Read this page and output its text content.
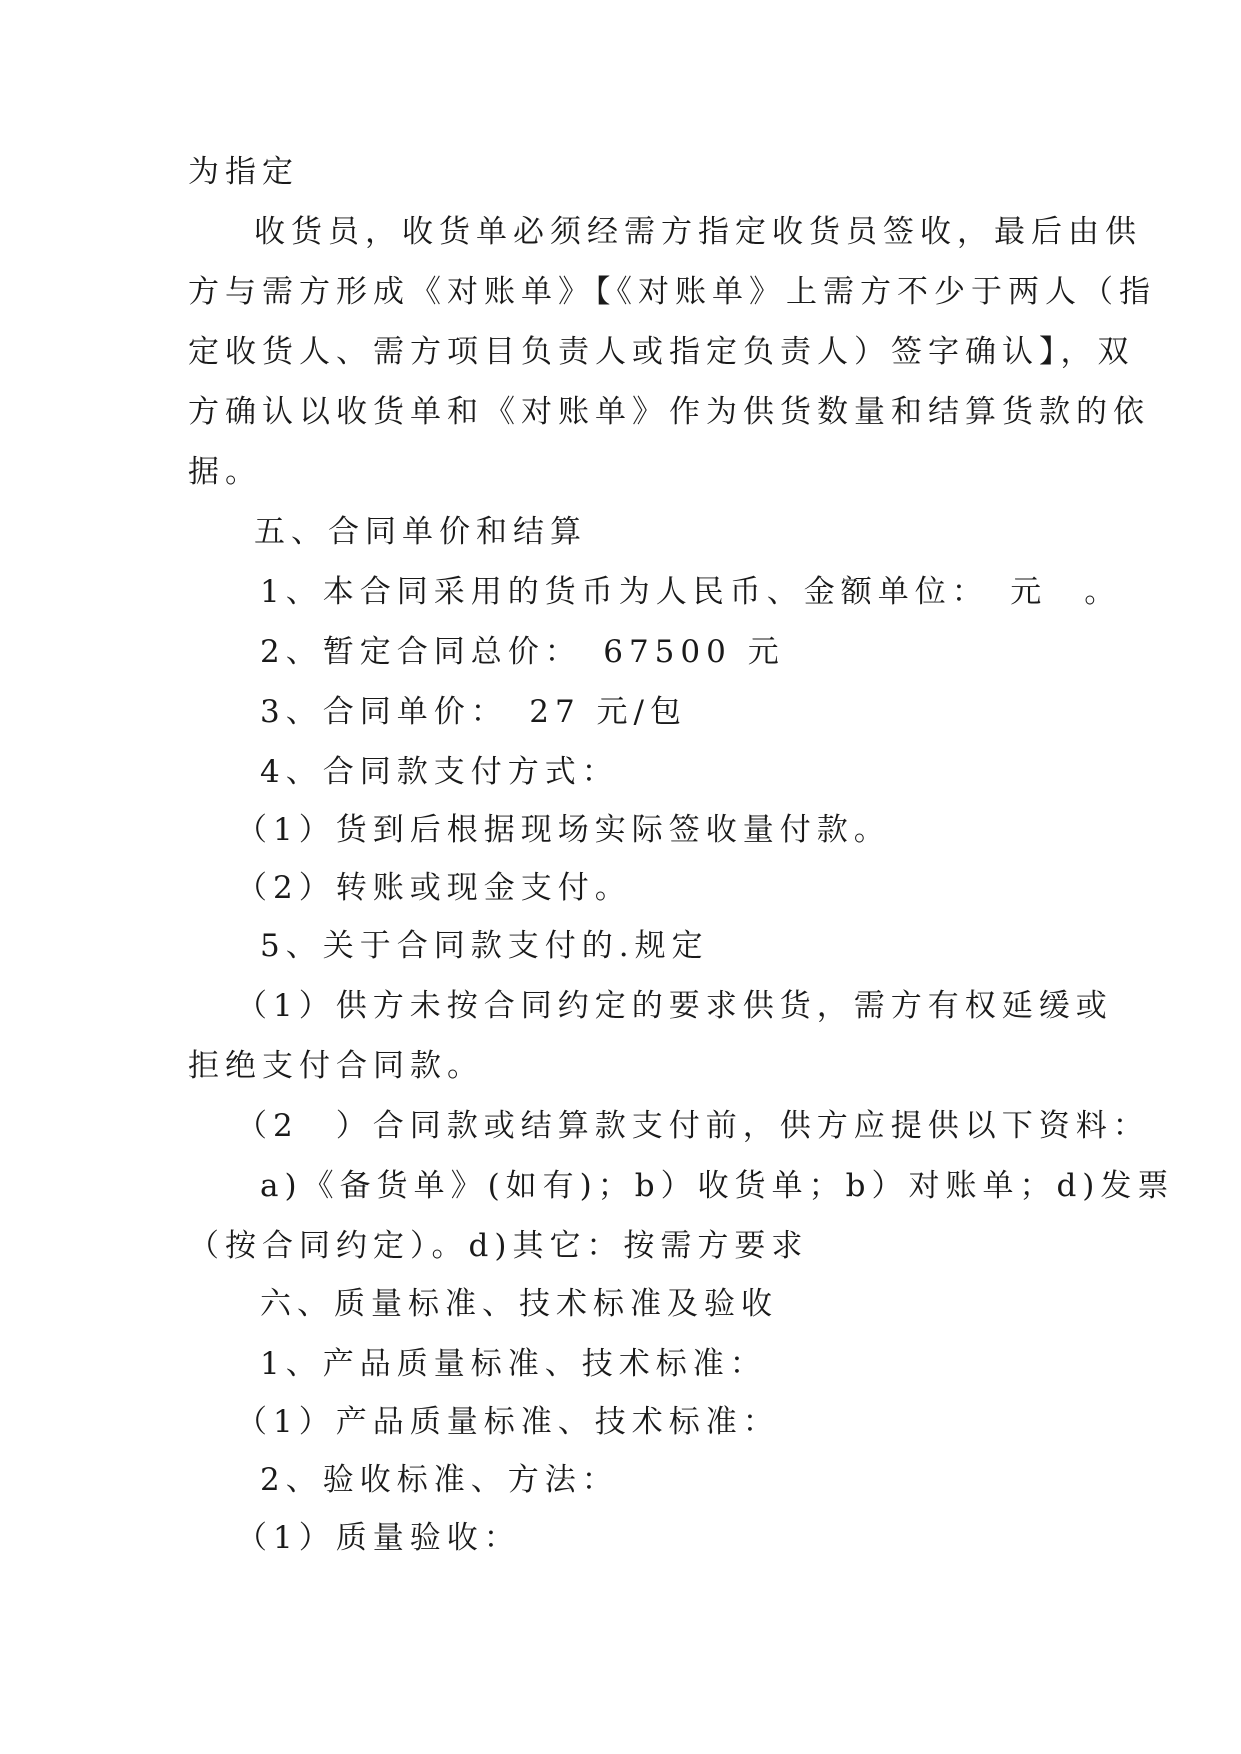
为指定
收货员，收货单必须经需方指定收货员签收，最后由供
方与需方形成《对账单》【《对账单》上需方不少于两人（指
定收货人、需方项目负责人或指定负责人）签字确认】，双
方确认以收货单和《对账单》作为供货数量和结算货款的依
据。
五、合同单价和结算
1、本合同采用的货币为人民币、金额单位：　元　。
2、暂定合同总价：　67500 元
3、合同单价：　27 元/包
4、合同款支付方式：
（1）货到后根据现场实际签收量付款。
（2）转账或现金支付。
5、关于合同款支付的.规定
（1）供方未按合同约定的要求供货，需方有权延缓或
拒绝支付合同款。
（2　）合同款或结算款支付前，供方应提供以下资料：
a)《备货单》(如有)；b）收货单；b）对账单；d)发票
（按合同约定）。d)其它：按需方要求
六、质量标准、技术标准及验收
1、产品质量标准、技术标准：
（1）产品质量标准、技术标准：
2、验收标准、方法：
（1）质量验收：
